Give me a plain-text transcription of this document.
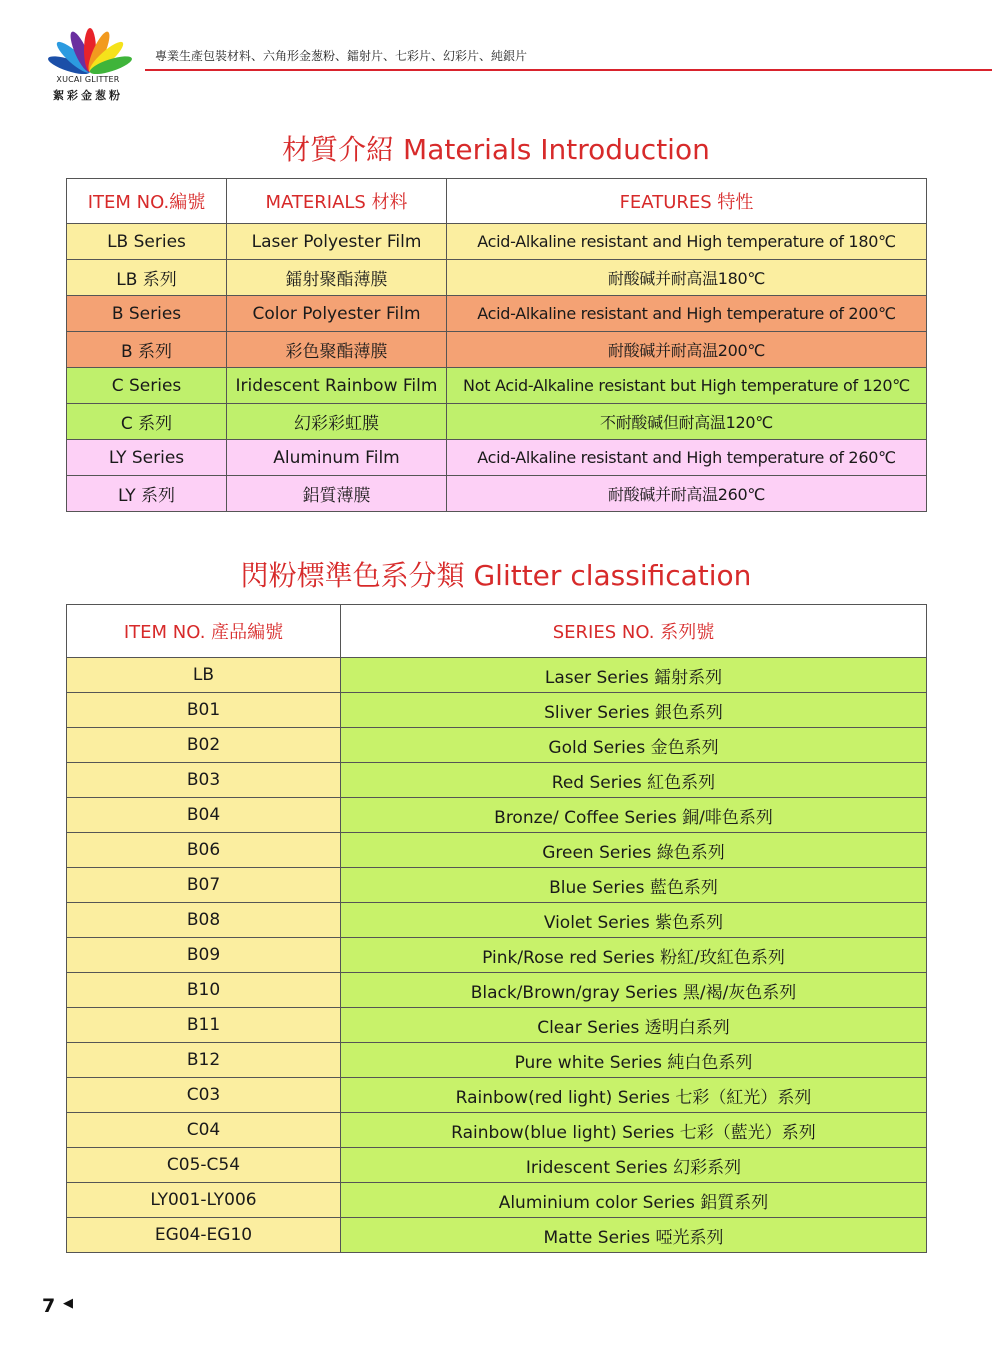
XUCAI GLITTER
絮彩金葱粉
專業生產包裝材料、六角形金葱粉、鐳射片、七彩片、幻彩片、純銀片
材質介紹 Materials Introduction
ITEM NO.編號	MATERIALS 材料	FEATURES 特性
LB Series	Laser Polyester Film	Acid-Alkaline resistant and High temperature of 180℃
LB 系列	鐳射聚酯薄膜	耐酸碱并耐高温180℃
B Series	Color Polyester Film	Acid-Alkaline resistant and High temperature of 200℃
B 系列	彩色聚酯薄膜	耐酸碱并耐高温200℃
C Series	Iridescent Rainbow Film	Not Acid-Alkaline resistant but High temperature of 120℃
C 系列	幻彩彩虹膜	不耐酸碱但耐高温120℃
LY Series	Aluminum Film	Acid-Alkaline resistant and High temperature of 260℃
LY 系列	鋁質薄膜	耐酸碱并耐高温260℃
閃粉標準色系分類 Glitter classification
ITEM NO. 產品編號	SERIES NO. 系列號
LB	Laser Series 鐳射系列
B01	Sliver Series 銀色系列
B02	Gold Series 金色系列
B03	Red Series 紅色系列
B04	Bronze/ Coffee Series 銅/啡色系列
B06	Green Series 綠色系列
B07	Blue Series 藍色系列
B08	Violet Series 紫色系列
B09	Pink/Rose red Series 粉紅/玫紅色系列
B10	Black/Brown/gray Series 黑/褐/灰色系列
B11	Clear Series 透明白系列
B12	Pure white Series 純白色系列
C03	Rainbow(red light) Series 七彩（紅光）系列
C04	Rainbow(blue light) Series 七彩（藍光）系列
C05-C54	Iridescent Series 幻彩系列
LY001-LY006	Aluminium color Series 鋁質系列
EG04-EG10	Matte Series 啞光系列
7 ◀
